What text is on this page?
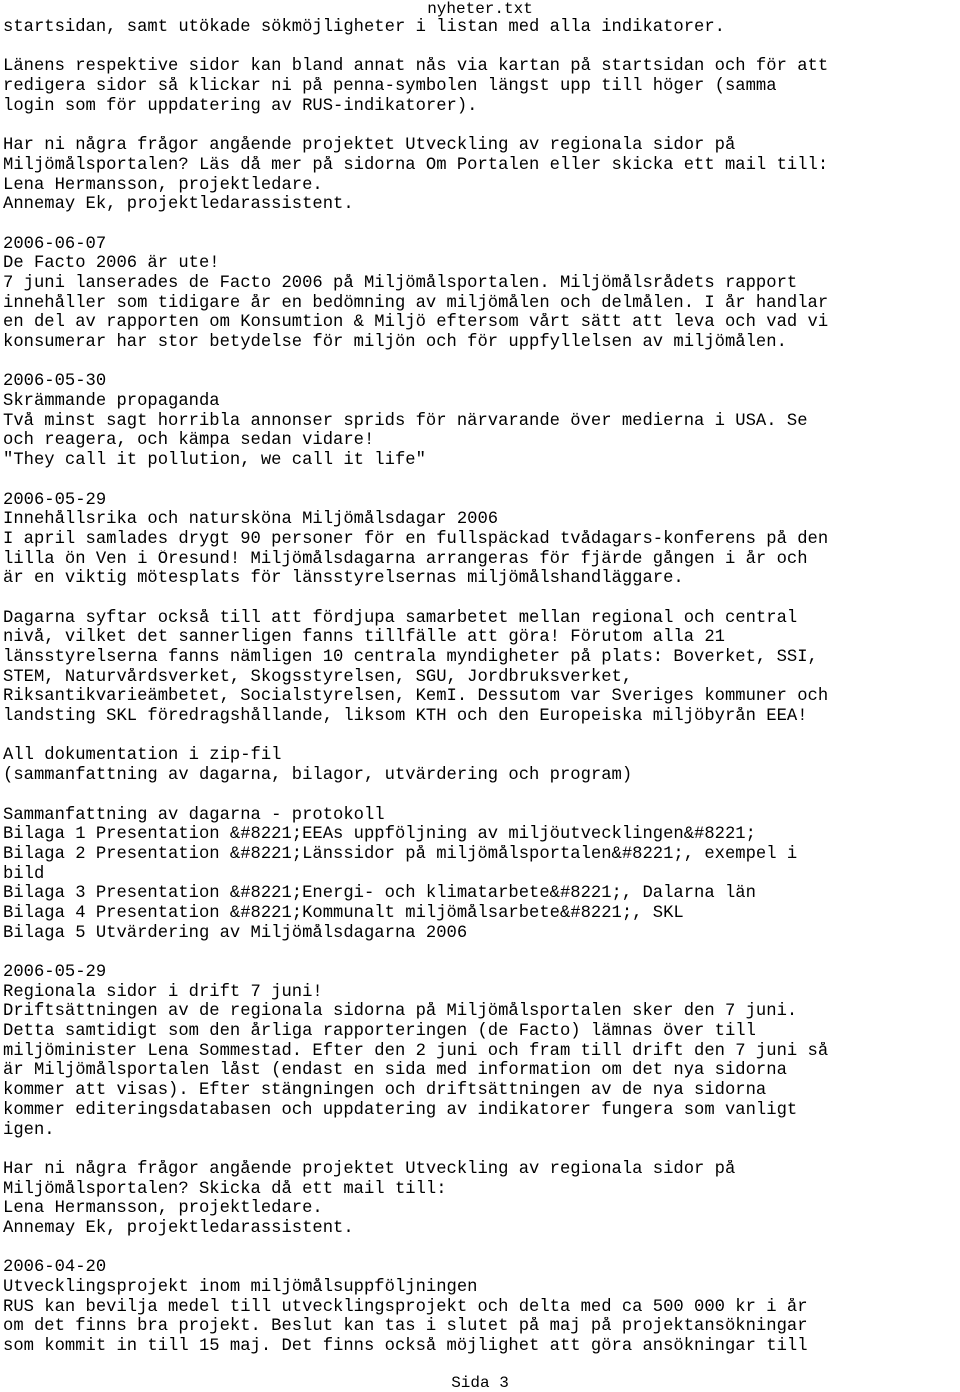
nyheter.txt
startsidan, samt utökade sökmöjligheter i listan med alla indikatorer.
Länens respektive sidor kan bland annat nås via kartan på startsidan och för att
redigera sidor så klickar ni på penna-symbolen längst upp till höger (samma
login som för uppdatering av RUS-indikatorer).
Har ni några frågor angående projektet Utveckling av regionala sidor på
Miljömålsportalen? Läs då mer på sidorna Om Portalen eller skicka ett mail till:
Lena Hermansson, projektledare.
Annemay Ek, projektledarassistent.
2006-06-07
De Facto 2006 är ute!
7 juni lanserades de Facto 2006 på Miljömålsportalen. Miljömålsrådets rapport
innehåller som tidigare år en bedömning av miljömålen och delmålen. I år handlar
en del av rapporten om Konsumtion & Miljö eftersom vårt sätt att leva och vad vi
konsumerar har stor betydelse för miljön och för uppfyllelsen av miljömålen.
2006-05-30
Skrämmande propaganda
Två minst sagt horribla annonser sprids för närvarande över medierna i USA. Se
och reagera, och kämpa sedan vidare!
"They call it pollution, we call it life"
2006-05-29
Innehållsrika och natursköna Miljömålsdagar 2006
I april samlades drygt 90 personer för en fullspäckad tvådagars-konferens på den
lilla ön Ven i Öresund! Miljömålsdagarna arrangeras för fjärde gången i år och
är en viktig mötesplats för länsstyrelsernas miljömålshandläggare.
Dagarna syftar också till att fördjupa samarbetet mellan regional och central
nivå, vilket det sannerligen fanns tillfälle att göra! Förutom alla 21
länsstyrelserna fanns nämligen 10 centrala myndigheter på plats: Boverket, SSI,
STEM, Naturvårdsverket, Skogsstyrelsen, SGU, Jordbruksverket,
Riksantikvarieämbetet, Socialstyrelsen, KemI. Dessutom var Sveriges kommuner och
landsting SKL föredragshållande, liksom KTH och den Europeiska miljöbyrån EEA!
All dokumentation i zip-fil
(sammanfattning av dagarna, bilagor, utvärdering och program)
Sammanfattning av dagarna - protokoll
Bilaga 1 Presentation &#8221;EEAs uppföljning av miljöutvecklingen&#8221;
Bilaga 2 Presentation &#8221;Länssidor på miljömålsportalen&#8221;, exempel i
bild
Bilaga 3 Presentation &#8221;Energi- och klimatarbete&#8221;, Dalarna län
Bilaga 4 Presentation &#8221;Kommunalt miljömålsarbete&#8221;, SKL
Bilaga 5 Utvärdering av Miljömålsdagarna 2006
2006-05-29
Regionala sidor i drift 7 juni!
Driftsättningen av de regionala sidorna på Miljömålsportalen sker den 7 juni.
Detta samtidigt som den årliga rapporteringen (de Facto) lämnas över till
miljöminister Lena Sommestad. Efter den 2 juni och fram till drift den 7 juni så
är Miljömålsportalen låst (endast en sida med information om det nya sidorna
kommer att visas). Efter stängningen och driftsättningen av de nya sidorna
kommer editeringsdatabasen och uppdatering av indikatorer fungera som vanligt
igen.
Har ni några frågor angående projektet Utveckling av regionala sidor på
Miljömålsportalen? Skicka då ett mail till:
Lena Hermansson, projektledare.
Annemay Ek, projektledarassistent.
2006-04-20
Utvecklingsprojekt inom miljömålsuppföljningen
RUS kan bevilja medel till utvecklingsprojekt och delta med ca 500 000 kr i år
om det finns bra projekt. Beslut kan tas i slutet på maj på projektansökningar
som kommit in till 15 maj. Det finns också möjlighet att göra ansökningar till
Sida 3
